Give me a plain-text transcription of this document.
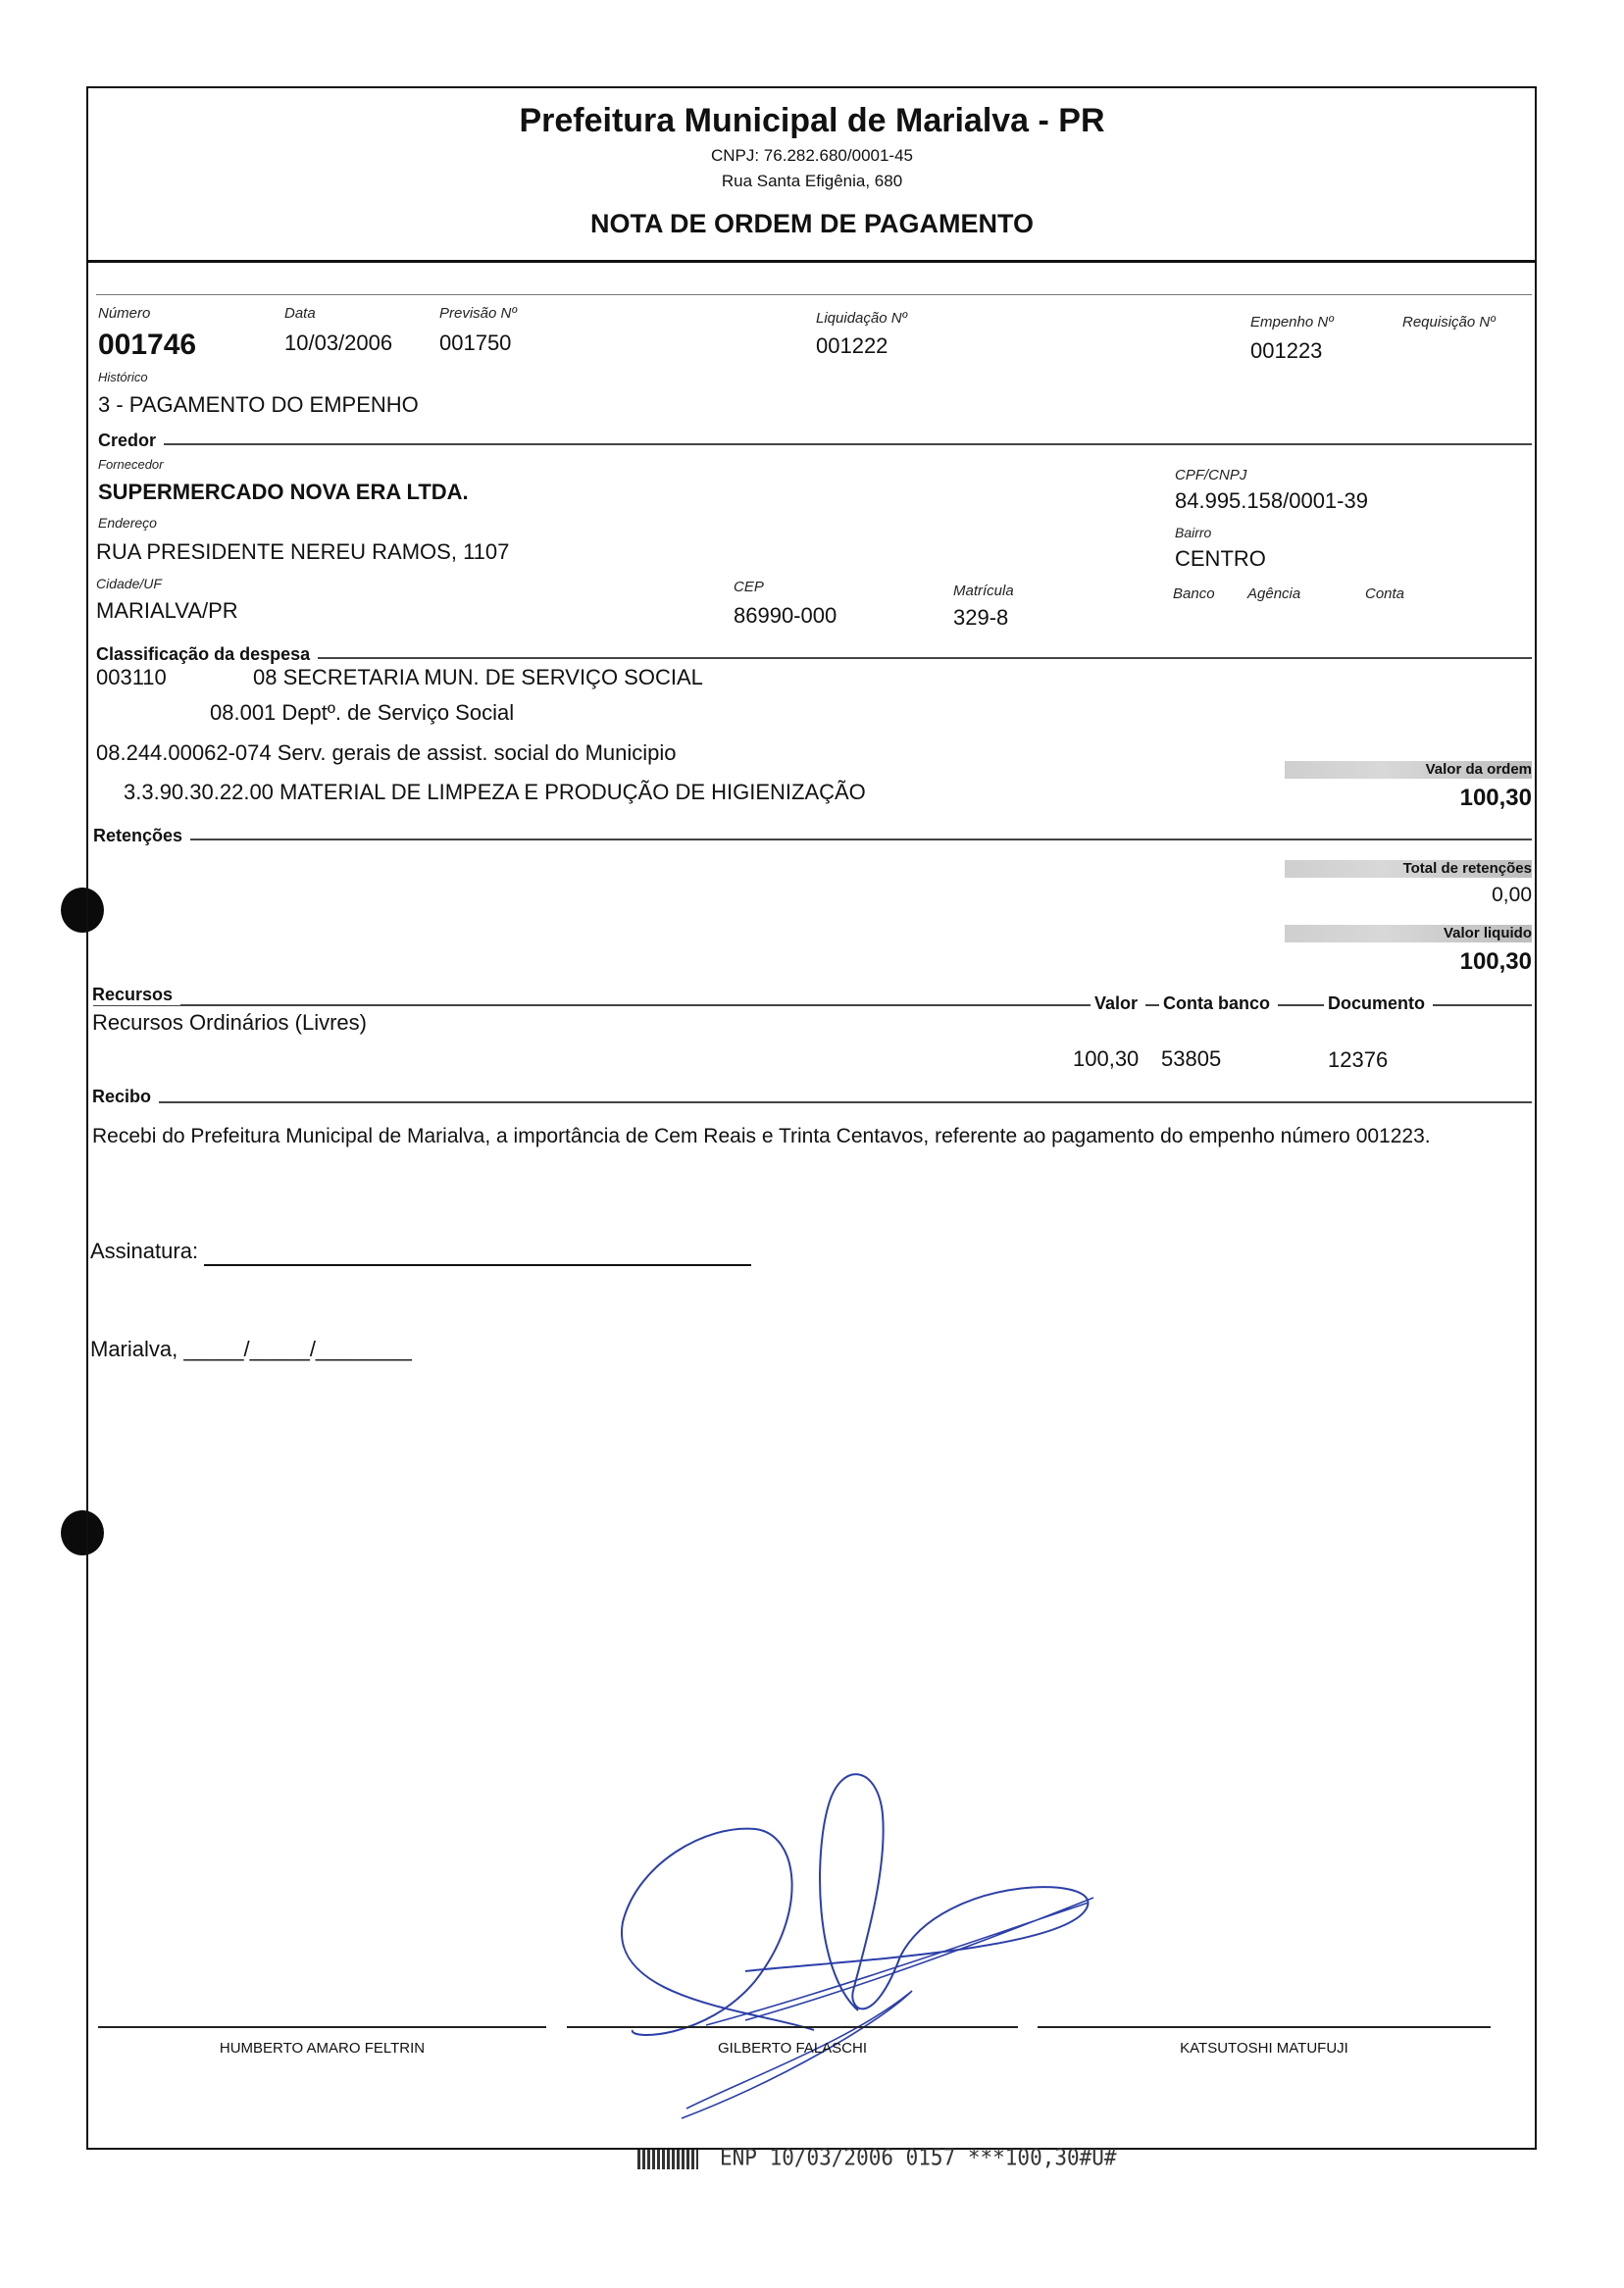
Prefeitura Municipal de Marialva - PR
CNPJ: 76.282.680/0001-45
Rua Santa Efigênia, 680
NOTA DE ORDEM DE PAGAMENTO
Número
001746
Data
10/03/2006
Previsão Nº
001750
Liquidação Nº
001222
Empenho Nº
001223
Requisição Nº
Histórico
3 - PAGAMENTO DO EMPENHO
Credor
Fornecedor
SUPERMERCADO NOVA ERA LTDA.
CPF/CNPJ
84.995.158/0001-39
Endereço
RUA PRESIDENTE NEREU RAMOS, 1107
Bairro
CENTRO
Cidade/UF
MARIALVA/PR
CEP
86990-000
Matrícula
329-8
Banco Agência	Conta
Classificação da despesa
003110	08 SECRETARIA MUN. DE SERVIÇO SOCIAL
08.001 Deptº. de Serviço Social
08.244.00062-074 Serv. gerais de assist. social do Municipio
3.3.90.30.22.00 MATERIAL DE LIMPEZA E PRODUÇÃO DE HIGIENIZAÇÃO
Valor da ordem
100,30
Retenções
Total de retenções
0,00
Valor liquido
100,30
Recursos	Valor	Conta banco	Documento
Recursos Ordinários (Livres)
100,30 53805	12376
Recibo
Recebi do Prefeitura Municipal de Marialva, a importância de Cem Reais e Trinta Centavos, referente ao pagamento do empenho número 001223.
Assinatura:
Marialva, _____/_____/________
HUMBERTO AMARO FELTRIN	GILBERTO FALASCHI	KATSUTOSHI MATUFUJI
ENP 10/03/2006 0157 ***100,30#U#
